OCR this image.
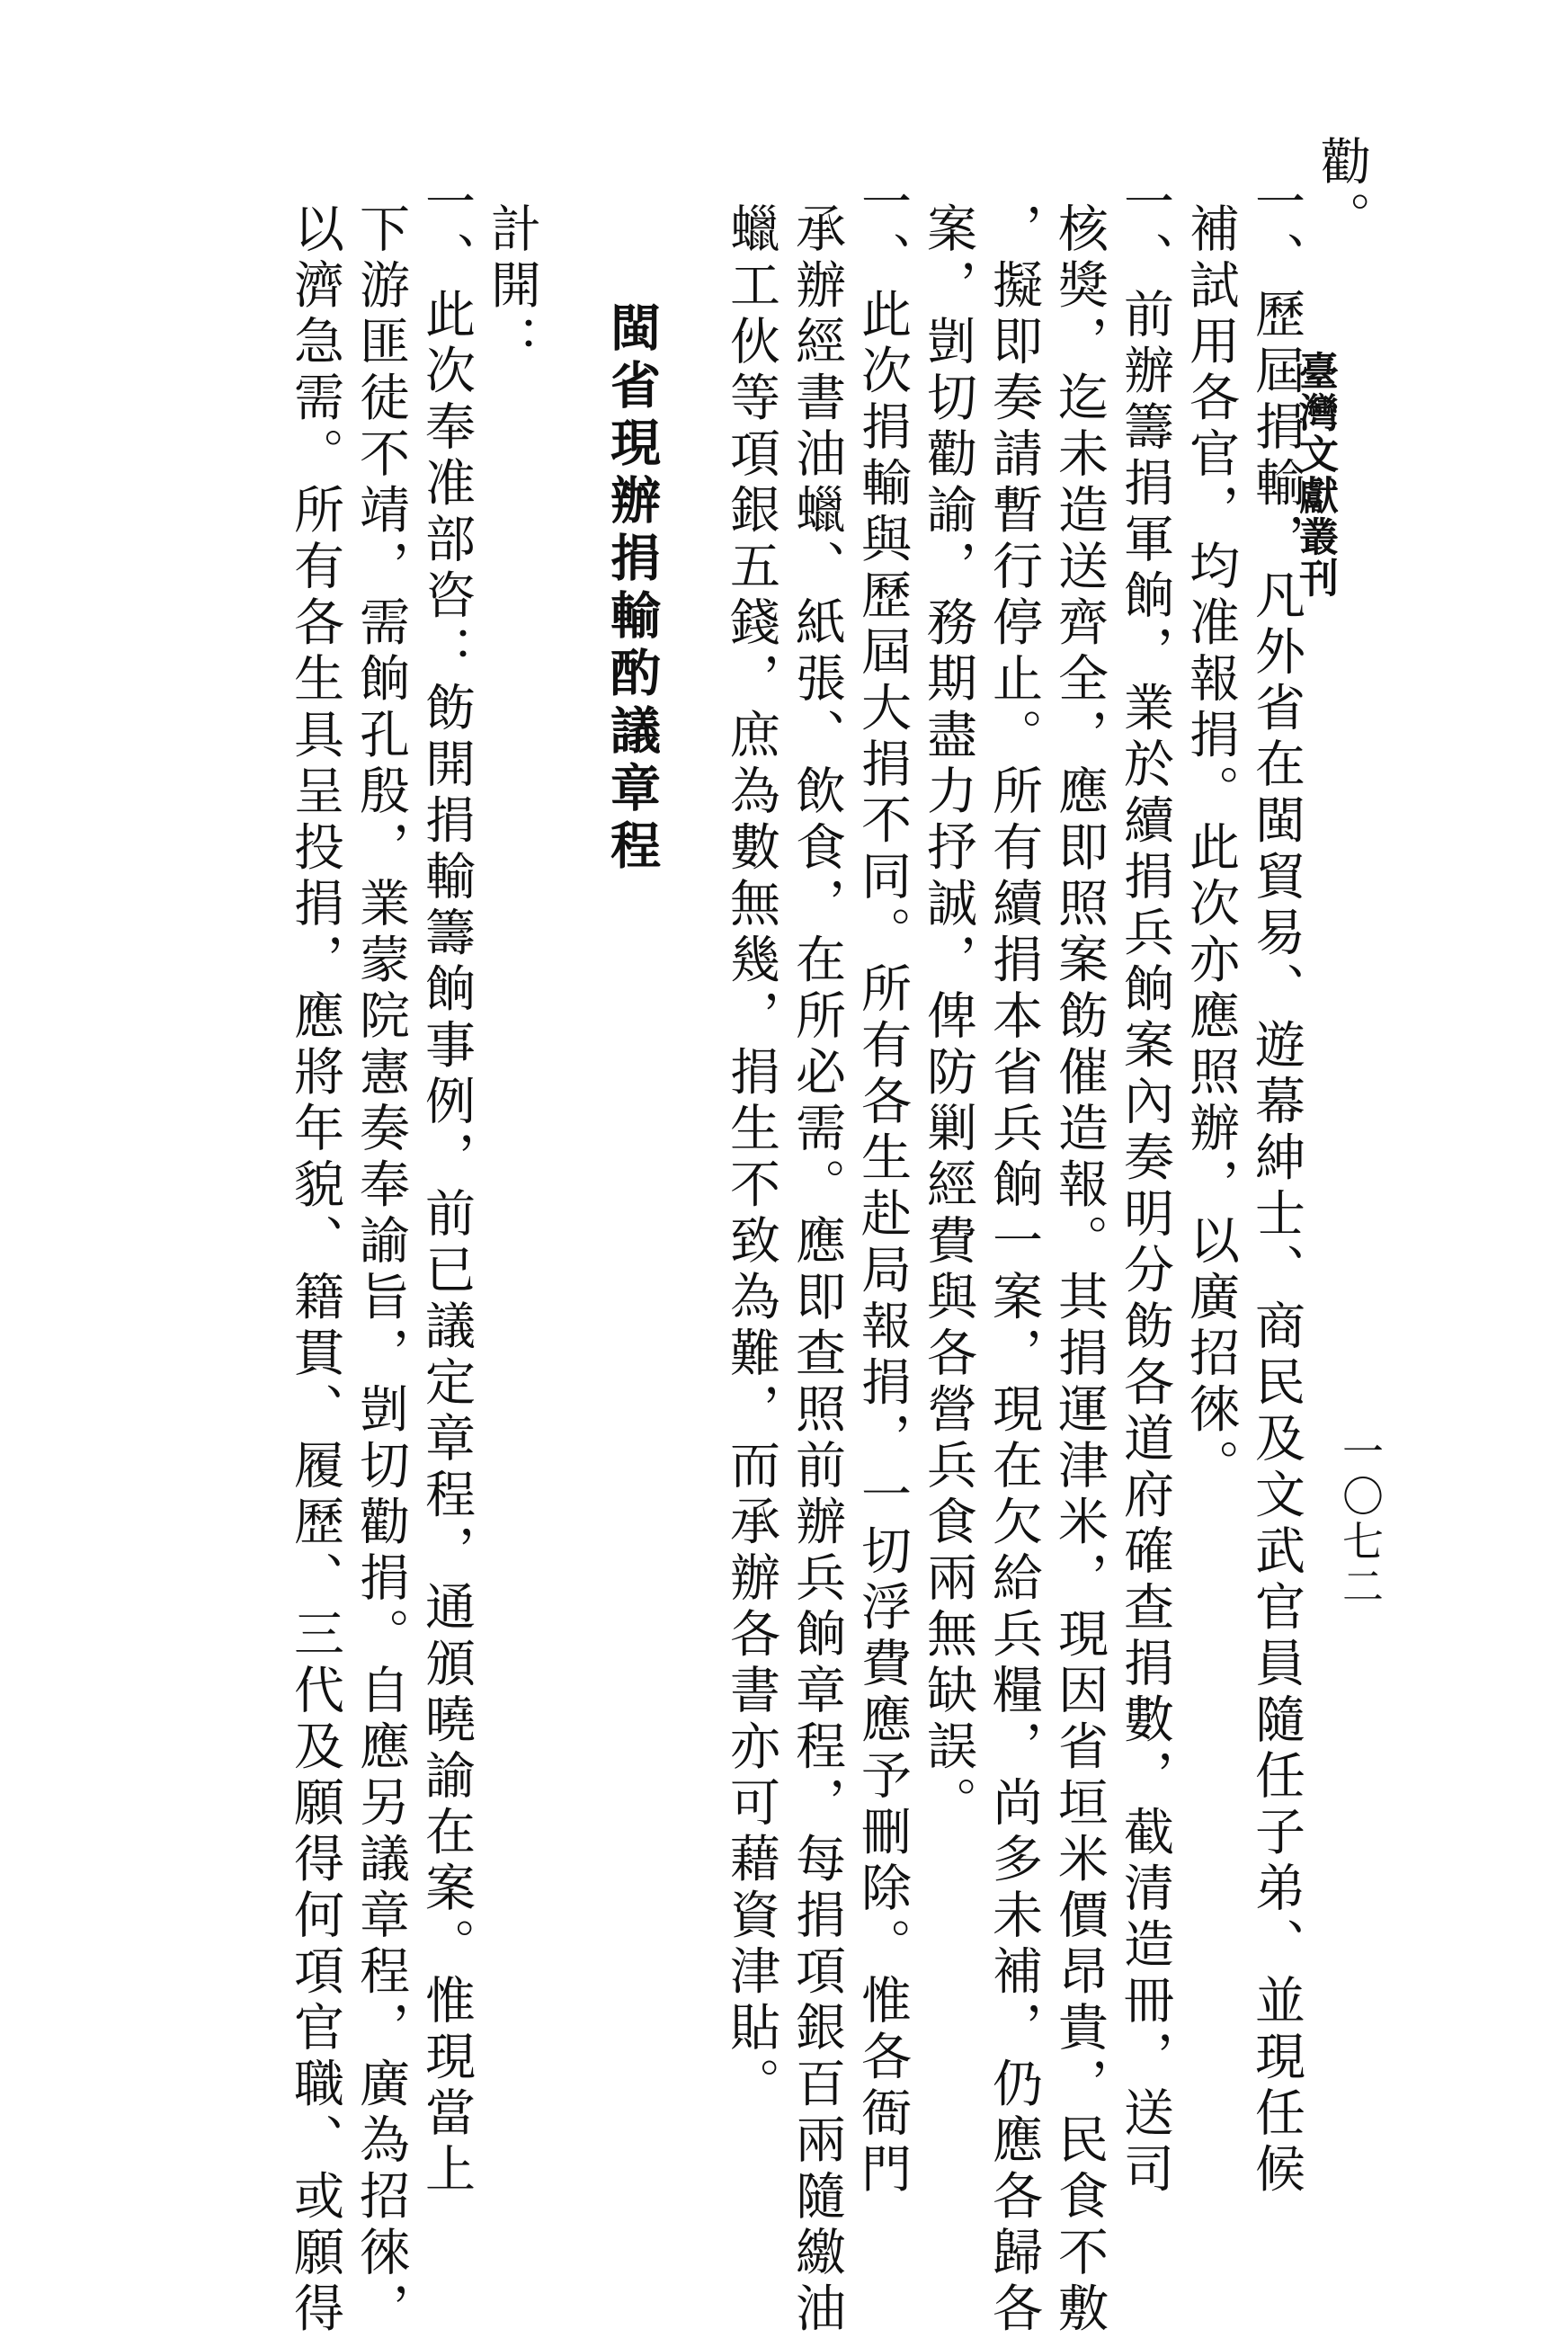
臺灣文獻叢刊
一〇七二
勸。
一、歷屆捐輸，凡外省在閩貿易、遊幕紳士、商民及文武官員隨任子弟、並現任候
補試用各官，均准報捐。此次亦應照辦，以廣招徠。
一、前辦籌捐軍餉，業於續捐兵餉案內奏明分飭各道府確查捐數，截清造冊，送司
核獎，迄未造送齊全，應即照案飭催造報。其捐運津米，現因省垣米價昂貴，民食不敷
，擬即奏請暫行停止。所有續捐本省兵餉一案，現在欠給兵糧，尚多未補，仍應各歸各
案，剴切勸諭，務期盡力抒誠，俾防剿經費與各營兵食兩無缺誤。
一、此次捐輸與歷屆大捐不同。所有各生赴局報捐，一切浮費應予刪除。惟各衙門
承辦經書油蠟、紙張、飲食，在所必需。應即查照前辦兵餉章程，每捐項銀百兩隨繳油
蠟工伙等項銀五錢，庶為數無幾，捐生不致為難，而承辦各書亦可藉資津貼。
閩省現辦捐輸酌議章程
計開：
一、此次奉准部咨：飭開捐輸籌餉事例，前已議定章程，通頒曉諭在案。惟現當上
下游匪徒不靖，需餉孔殷，業蒙院憲奏奉諭旨，剴切勸捐。自應另議章程，廣為招徠，
以濟急需。所有各生具呈投捐，應將年貌、籍貫、履歷、三代及願得何項官職、或願得
